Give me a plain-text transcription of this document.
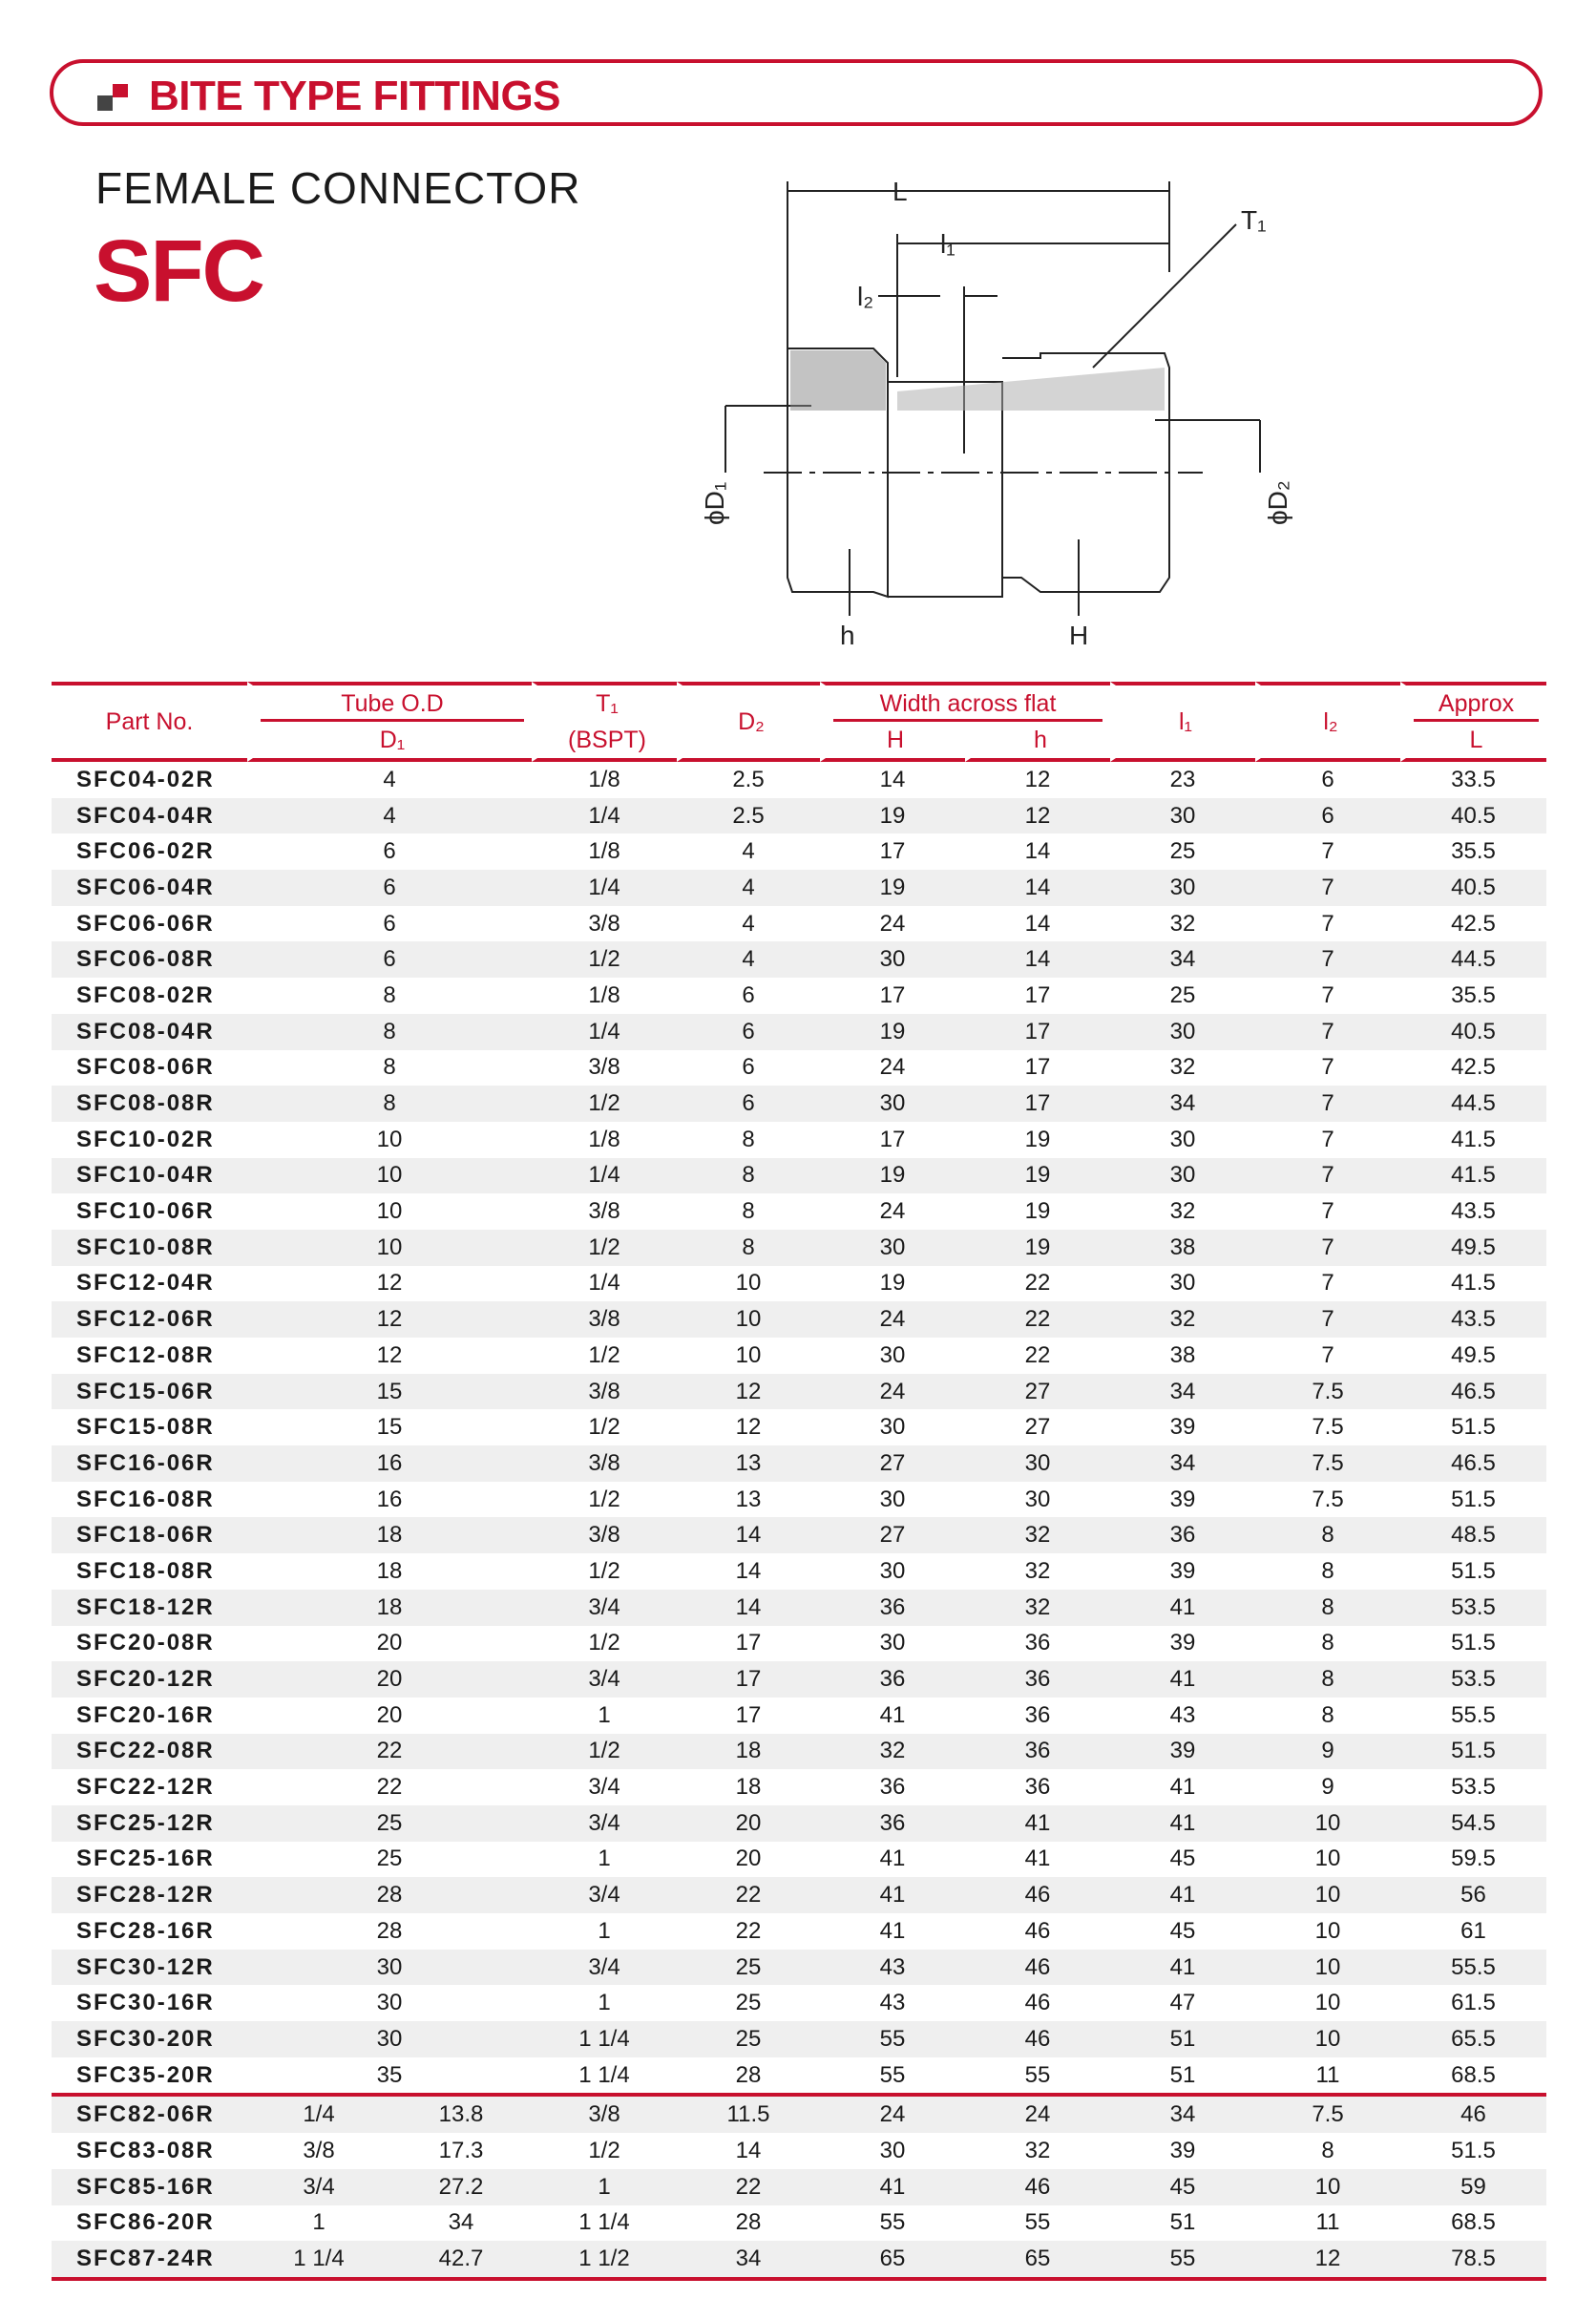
BITE TYPE FITTINGS
FEMALE CONNECTOR
SFC
L
l₁
l₂
T₁
ϕD₁	ϕD₂
h	H
Part No.	Tube O.D		T₁	D₂	Width across flat		l₁	l₂	Approx
	D₁		(BSPT)		H	h			L
SFC04-02R	4		1/8	2.5	14	12	23	6	33.5
SFC04-04R	4		1/4	2.5	19	12	30	6	40.5
SFC06-02R	6		1/8	4	17	14	25	7	35.5
SFC06-04R	6		1/4	4	19	14	30	7	40.5
SFC06-06R	6		3/8	4	24	14	32	7	42.5
SFC06-08R	6		1/2	4	30	14	34	7	44.5
SFC08-02R	8		1/8	6	17	17	25	7	35.5
SFC08-04R	8		1/4	6	19	17	30	7	40.5
SFC08-06R	8		3/8	6	24	17	32	7	42.5
SFC08-08R	8		1/2	6	30	17	34	7	44.5
SFC10-02R	10		1/8	8	17	19	30	7	41.5
SFC10-04R	10		1/4	8	19	19	30	7	41.5
SFC10-06R	10		3/8	8	24	19	32	7	43.5
SFC10-08R	10		1/2	8	30	19	38	7	49.5
SFC12-04R	12		1/4	10	19	22	30	7	41.5
SFC12-06R	12		3/8	10	24	22	32	7	43.5
SFC12-08R	12		1/2	10	30	22	38	7	49.5
SFC15-06R	15		3/8	12	24	27	34	7.5	46.5
SFC15-08R	15		1/2	12	30	27	39	7.5	51.5
SFC16-06R	16		3/8	13	27	30	34	7.5	46.5
SFC16-08R	16		1/2	13	30	30	39	7.5	51.5
SFC18-06R	18		3/8	14	27	32	36	8	48.5
SFC18-08R	18		1/2	14	30	32	39	8	51.5
SFC18-12R	18		3/4	14	36	32	41	8	53.5
SFC20-08R	20		1/2	17	30	36	39	8	51.5
SFC20-12R	20		3/4	17	36	36	41	8	53.5
SFC20-16R	20		1	17	41	36	43	8	55.5
SFC22-08R	22		1/2	18	32	36	39	9	51.5
SFC22-12R	22		3/4	18	36	36	41	9	53.5
SFC25-12R	25		3/4	20	36	41	41	10	54.5
SFC25-16R	25		1	20	41	41	45	10	59.5
SFC28-12R	28		3/4	22	41	46	41	10	56
SFC28-16R	28		1	22	41	46	45	10	61
SFC30-12R	30		3/4	25	43	46	41	10	55.5
SFC30-16R	30		1	25	43	46	47	10	61.5
SFC30-20R	30		1 1/4	25	55	46	51	10	65.5
SFC35-20R	35		1 1/4	28	55	55	51	11	68.5
SFC82-06R	1/4	13.8	3/8	11.5	24	24	34	7.5	46
SFC83-08R	3/8	17.3	1/2	14	30	32	39	8	51.5
SFC85-16R	3/4	27.2	1	22	41	46	45	10	59
SFC86-20R	1	34	1 1/4	28	55	55	51	11	68.5
SFC87-24R	1 1/4	42.7	1 1/2	34	65	65	55	12	78.5
